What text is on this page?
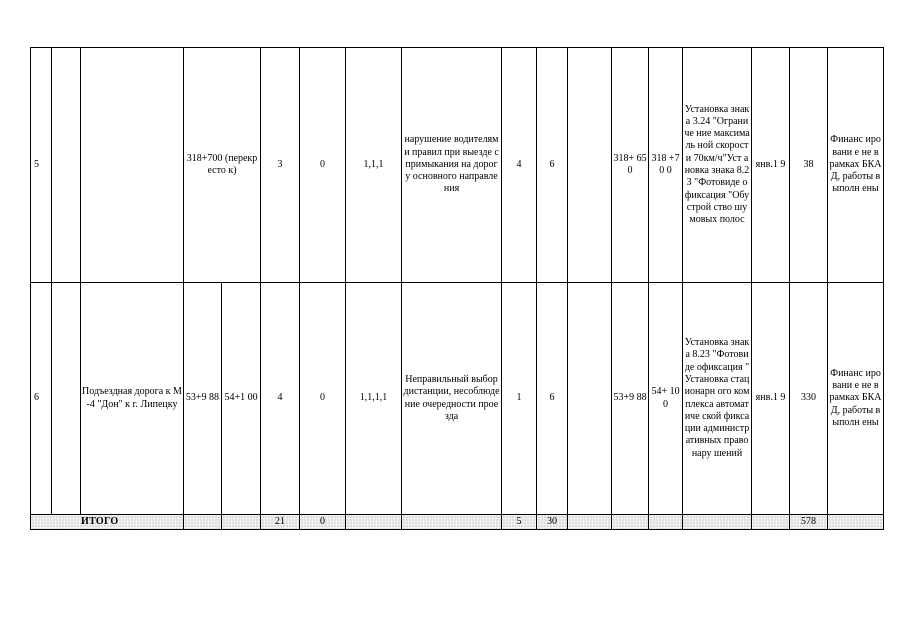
5			318+700 (перекресто к)		3	0	1,1,1	нарушение водителями правил при выезде с примыкания на дорогу основного направления	4	6		318+ 650	318 +70 0	Установка знака 3.24 "Ограниче ние максималь ной скорости 70км/ч"Уст ановка знака 8.23 "Фотовиде офиксация "Обустрой ство шумовых полос	янв.1 9	38	Финанс ировани е не в рамках БКАД, работы выполн ены
6		Подъездная дорога к М-4 "Дон" к г. Липецку	53+9 88	54+1 00	4	0	1,1,1,1	Неправильный выбор дистанции, несоблюдение очередности проезда	1	6		53+9 88	54+ 100	Установка знака 8.23 "Фотовиде офиксация " Установка стационарн ого комплекса автоматиче ской фиксации администр ативных правонару шений	янв.1 9	330	Финанс ировани е не в рамках БКАД, работы выполн ены
ИТОГО					21	0			5	30						578	
